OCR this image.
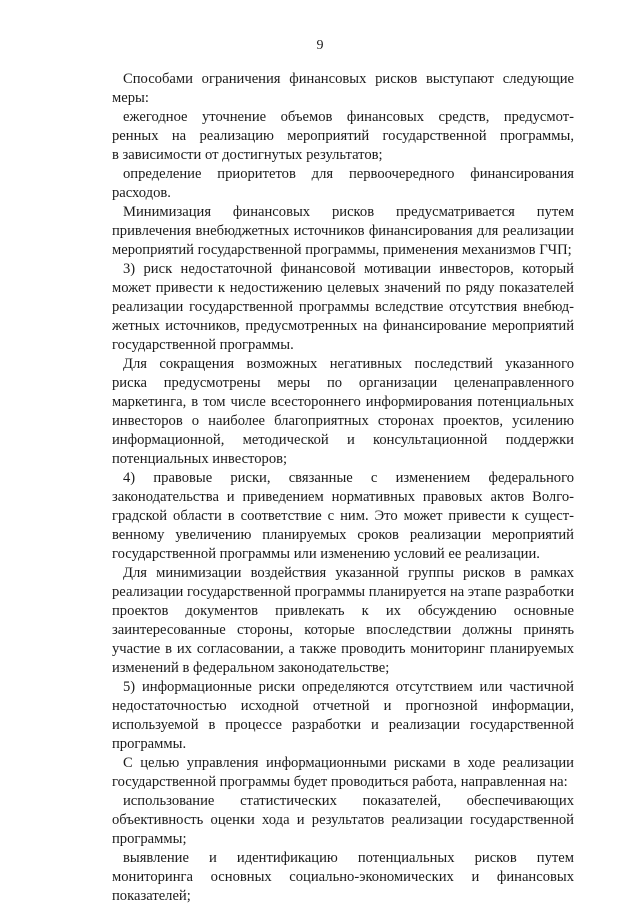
9
Способами ограничения финансовых рисков выступают следующие
меры:
ежегодное уточнение объемов финансовых средств, предусмот-
ренных на реализацию мероприятий государственной программы,
в зависимости от достигнутых результатов;
определение приоритетов для первоочередного финансирования
расходов.
Минимизация финансовых рисков предусматривается путем
привлечения внебюджетных источников финансирования для реализации
мероприятий государственной программы, применения механизмов ГЧП;
3) риск недостаточной финансовой мотивации инвесторов, который
может привести к недостижению целевых значений по ряду показателей
реализации государственной программы вследствие отсутствия внебюд-
жетных источников, предусмотренных на финансирование мероприятий
государственной программы.
Для сокращения возможных негативных последствий указанного
риска предусмотрены меры по организации целенаправленного
маркетинга, в том числе всестороннего информирования потенциальных
инвесторов о наиболее благоприятных сторонах проектов, усилению
информационной, методической и консультационной поддержки
потенциальных инвесторов;
4) правовые риски, связанные с изменением федерального
законодательства и приведением нормативных правовых актов Волго-
градской области в соответствие с ним. Это может привести к сущест-
венному увеличению планируемых сроков реализации мероприятий
государственной программы или изменению условий ее реализации.
Для минимизации воздействия указанной группы рисков в рамках
реализации государственной программы планируется на этапе разработки
проектов документов привлекать к их обсуждению основные
заинтересованные стороны, которые впоследствии должны принять
участие в их согласовании, а также проводить мониторинг планируемых
изменений в федеральном законодательстве;
5) информационные риски определяются отсутствием или частичной
недостаточностью исходной отчетной и прогнозной информации,
используемой в процессе разработки и реализации государственной
программы.
С целью управления информационными рисками в ходе реализации
государственной программы будет проводиться работа, направленная на:
использование статистических показателей, обеспечивающих
объективность оценки хода и результатов реализации государственной
программы;
выявление и идентификацию потенциальных рисков путем
мониторинга основных социально-экономических и финансовых
показателей;
